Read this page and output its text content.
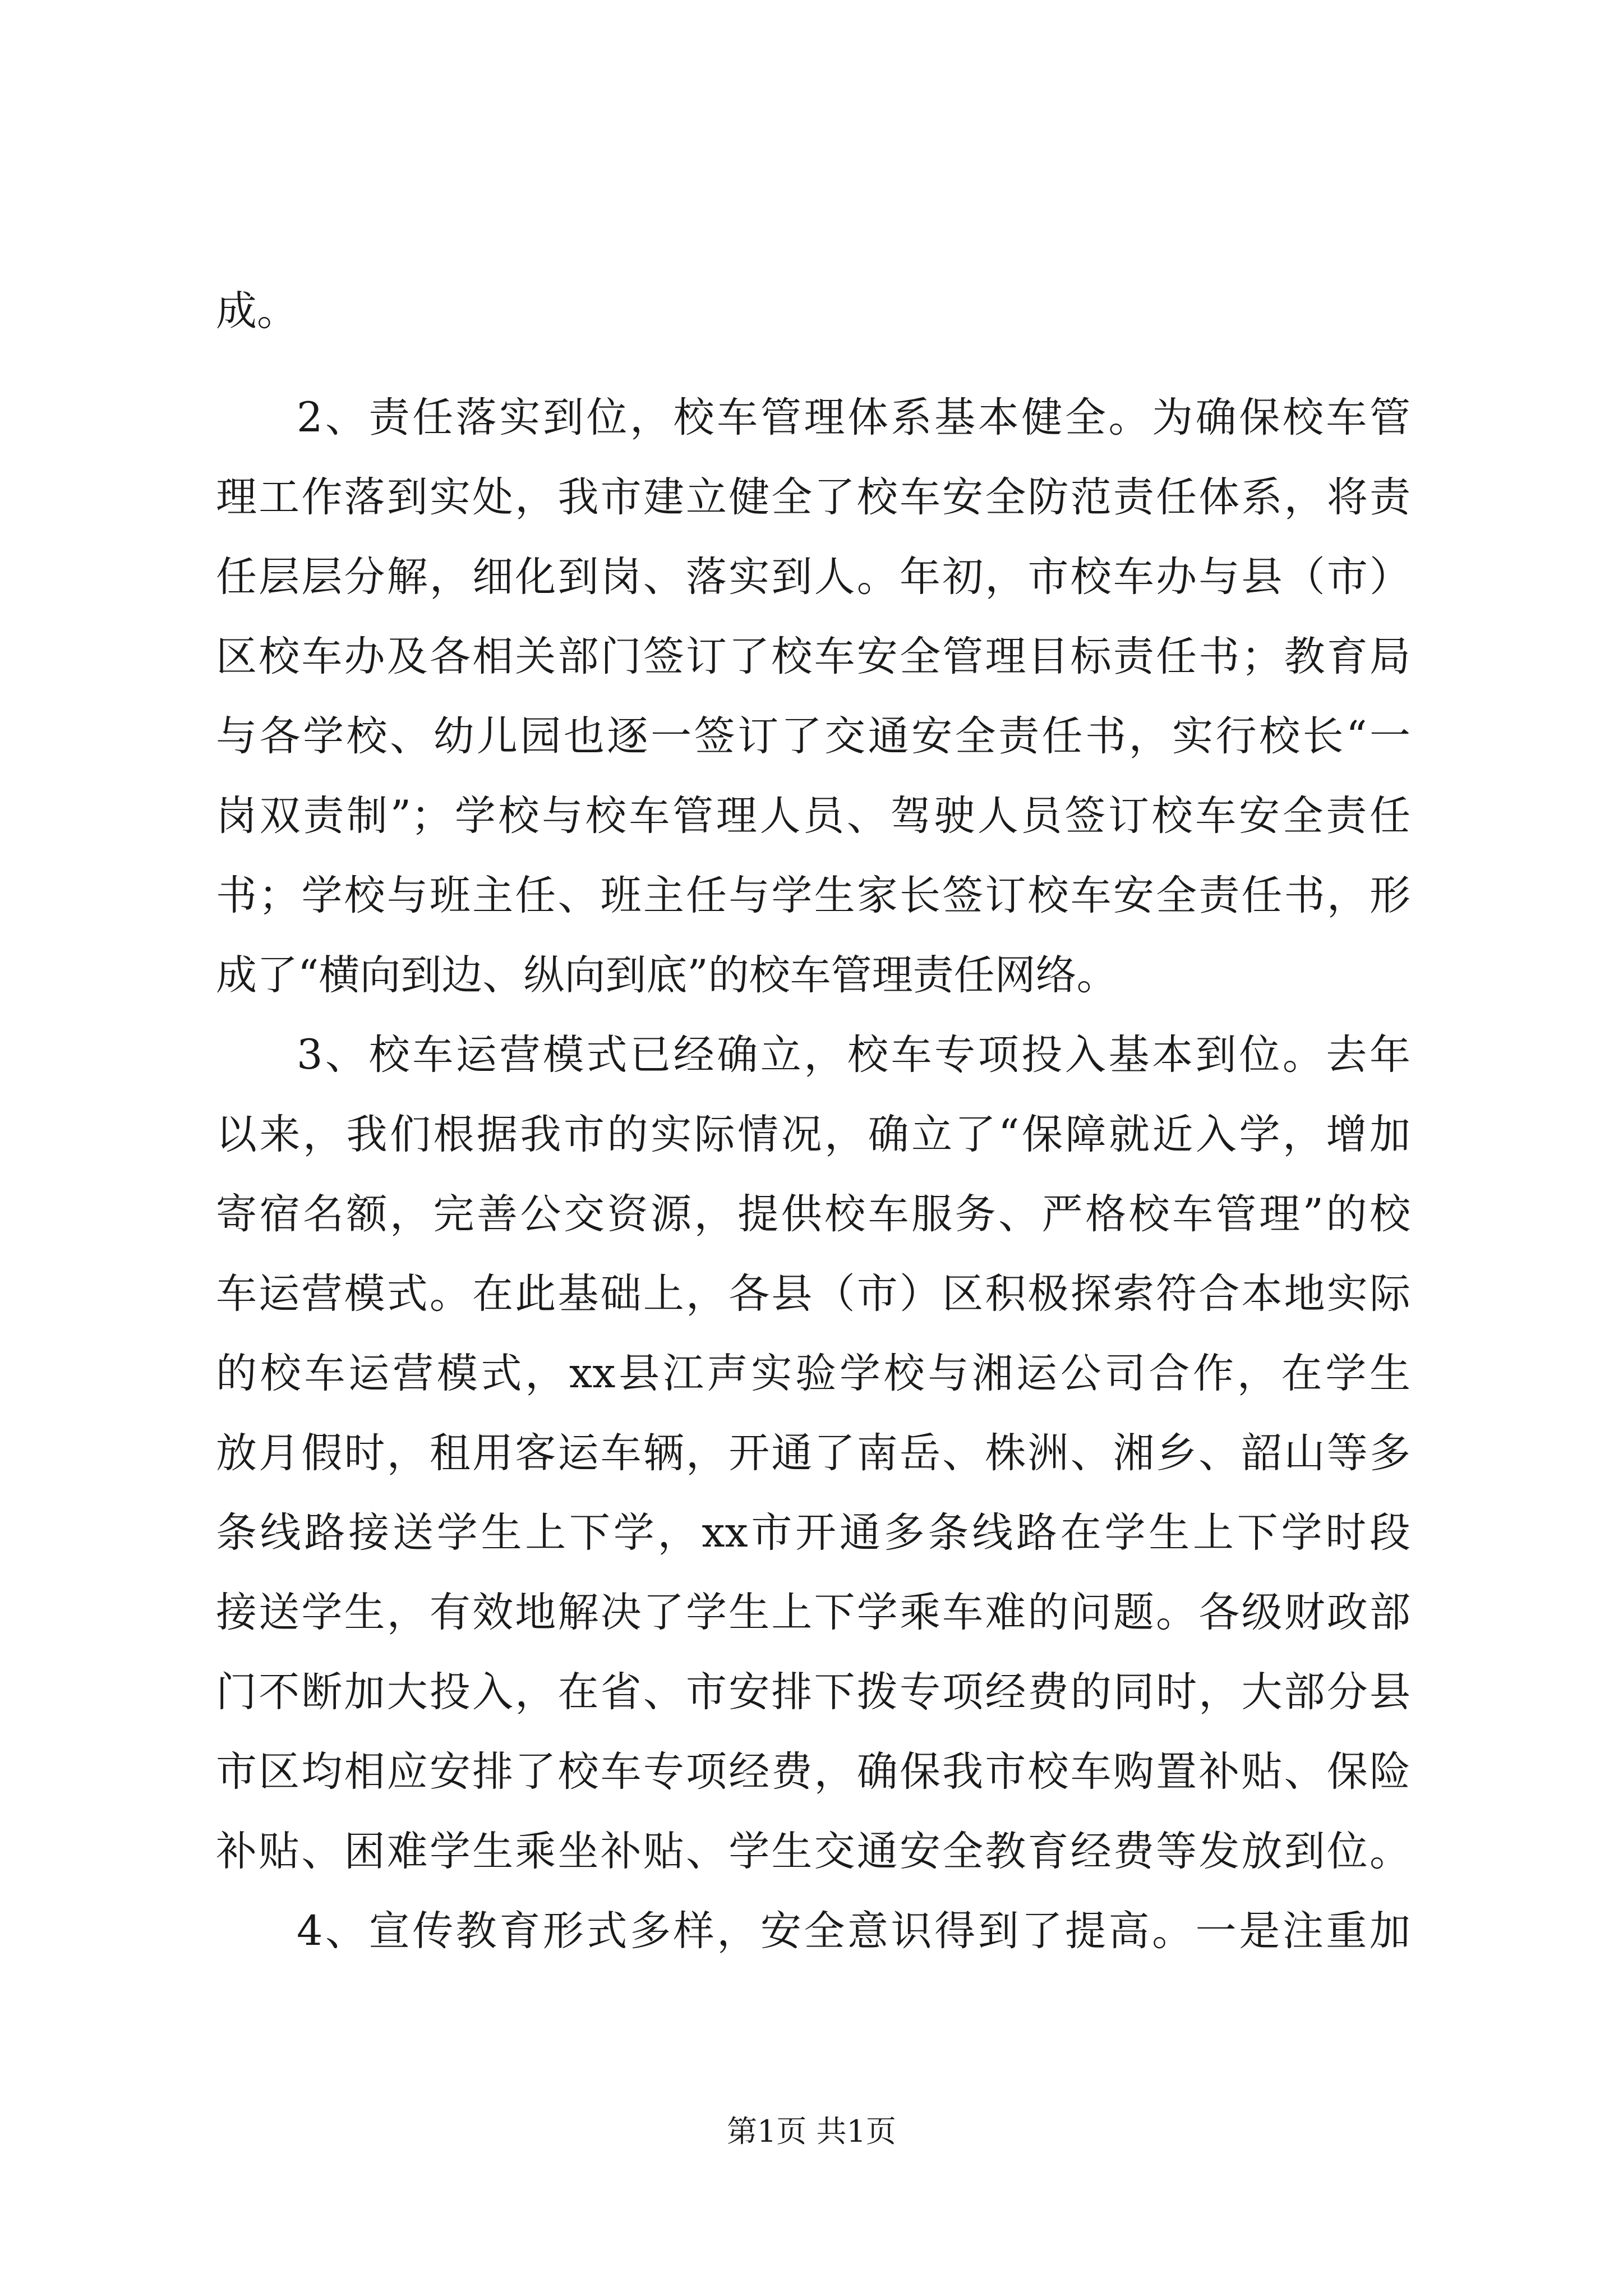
成。
2、责任落实到位，校车管理体系基本健全。为确保校车管
理工作落到实处，我市建立健全了校车安全防范责任体系，将责
任层层分解，细化到岗、落实到人。年初，市校车办与县（市）
区校车办及各相关部门签订了校车安全管理目标责任书；教育局
与各学校、幼儿园也逐一签订了交通安全责任书，实行校长“一
岗双责制”；学校与校车管理人员、驾驶人员签订校车安全责任
书；学校与班主任、班主任与学生家长签订校车安全责任书，形
成了“横向到边、纵向到底”的校车管理责任网络。
3、校车运营模式已经确立，校车专项投入基本到位。去年
以来，我们根据我市的实际情况，确立了“保障就近入学，增加
寄宿名额，完善公交资源，提供校车服务、严格校车管理”的校
车运营模式。在此基础上，各县（市）区积极探索符合本地实际
的校车运营模式，xx县江声实验学校与湘运公司合作，在学生
放月假时，租用客运车辆，开通了南岳、株洲、湘乡、韶山等多
条线路接送学生上下学，xx市开通多条线路在学生上下学时段
接送学生，有效地解决了学生上下学乘车难的问题。各级财政部
门不断加大投入，在省、市安排下拨专项经费的同时，大部分县
市区均相应安排了校车专项经费，确保我市校车购置补贴、保险
补贴、困难学生乘坐补贴、学生交通安全教育经费等发放到位。
4、宣传教育形式多样，安全意识得到了提高。一是注重加
第1页 共1页
